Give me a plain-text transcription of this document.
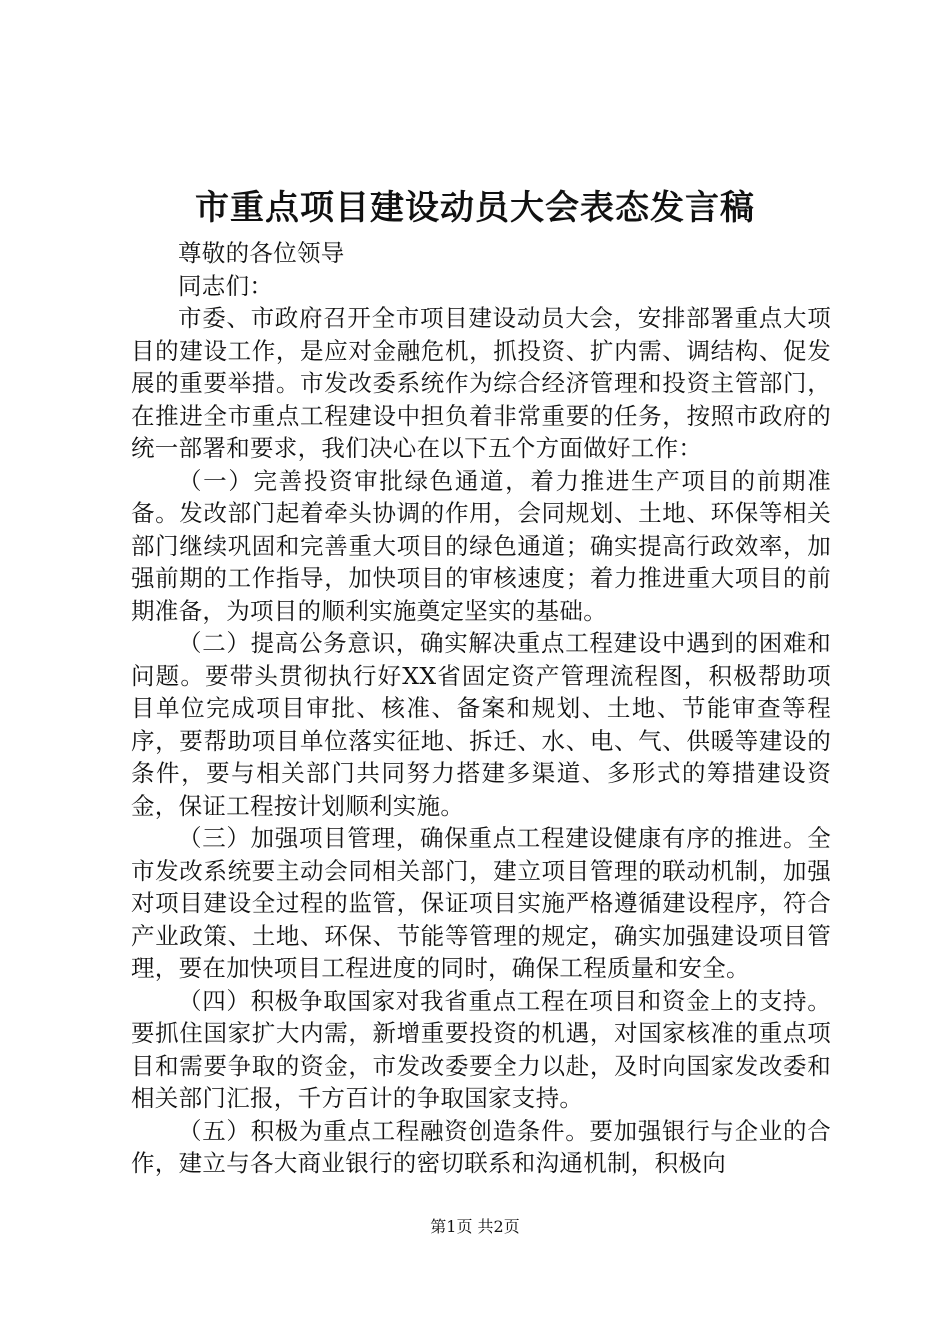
市重点项目建设动员大会表态发言稿

尊敬的各位领导

同志们：

市委、市政府召开全市项目建设动员大会，安排部署重点大项目的建设工作，是应对金融危机，抓投资、扩内需、调结构、促发展的重要举措。市发改委系统作为综合经济管理和投资主管部门，在推进全市重点工程建设中担负着非常重要的任务，按照市政府的统一部署和要求，我们决心在以下五个方面做好工作：

（一）完善投资审批绿色通道，着力推进生产项目的前期准备。发改部门起着牵头协调的作用，会同规划、土地、环保等相关部门继续巩固和完善重大项目的绿色通道；确实提高行政效率，加强前期的工作指导，加快项目的审核速度；着力推进重大项目的前期准备，为项目的顺利实施奠定坚实的基础。

（二）提高公务意识，确实解决重点工程建设中遇到的困难和问题。要带头贯彻执行好XX省固定资产管理流程图，积极帮助项目单位完成项目审批、核准、备案和规划、土地、节能审查等程序，要帮助项目单位落实征地、拆迁、水、电、气、供暖等建设的条件，要与相关部门共同努力搭建多渠道、多形式的筹措建设资金，保证工程按计划顺利实施。

（三）加强项目管理，确保重点工程建设健康有序的推进。全市发改系统要主动会同相关部门，建立项目管理的联动机制，加强对项目建设全过程的监管，保证项目实施严格遵循建设程序，符合产业政策、土地、环保、节能等管理的规定，确实加强建设项目管理，要在加快项目工程进度的同时，确保工程质量和安全。

（四）积极争取国家对我省重点工程在项目和资金上的支持。要抓住国家扩大内需，新增重要投资的机遇，对国家核准的重点项目和需要争取的资金，市发改委要全力以赴，及时向国家发改委和相关部门汇报，千方百计的争取国家支持。

（五）积极为重点工程融资创造条件。要加强银行与企业的合作，建立与各大商业银行的密切联系和沟通机制，积极向

第1页 共2页
